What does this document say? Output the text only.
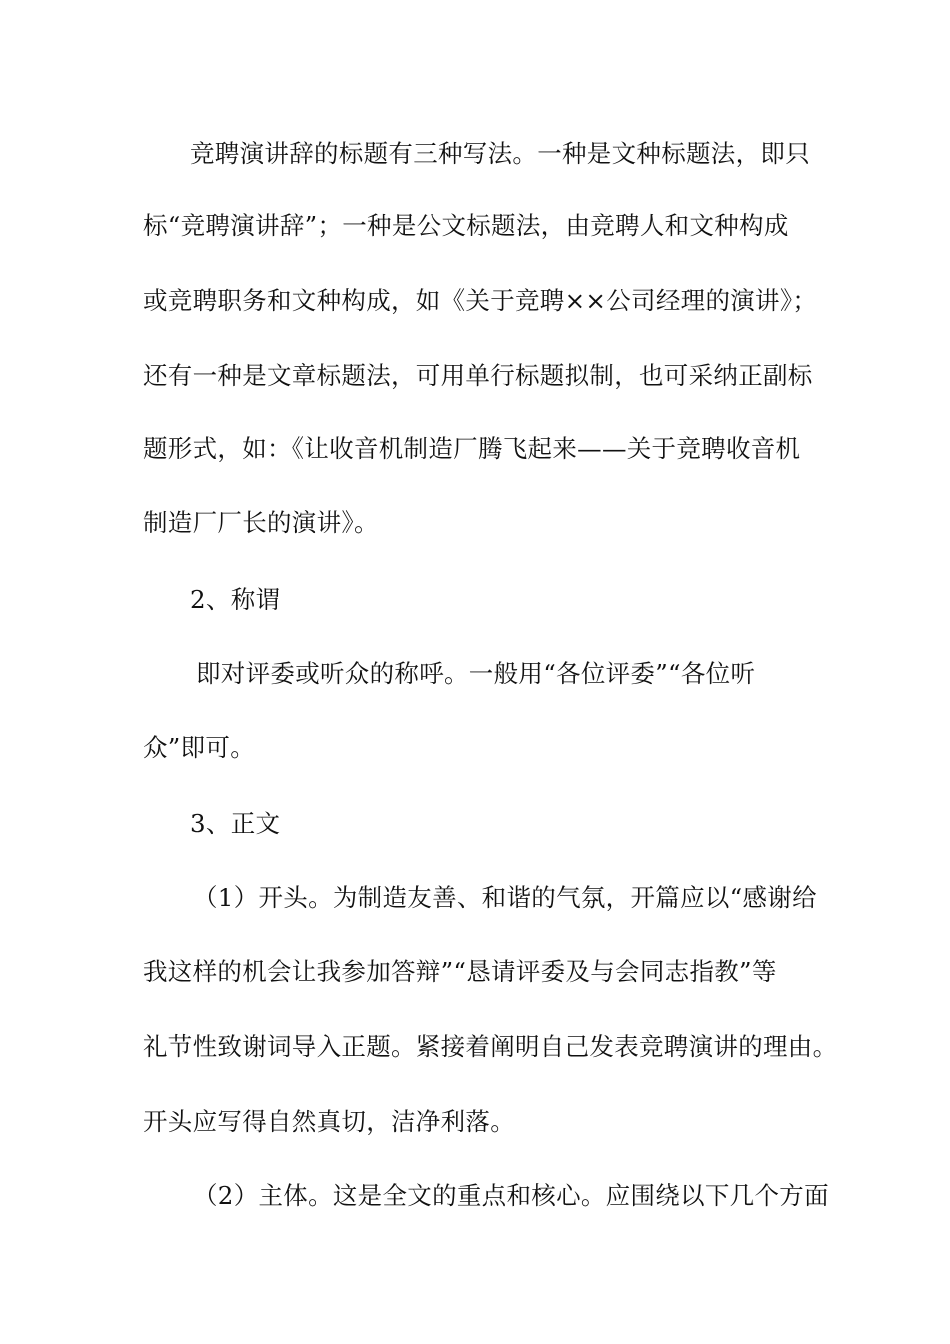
竞聘演讲辞的标题有三种写法。一种是文种标题法，即只
标“竞聘演讲辞”；一种是公文标题法，由竞聘人和文种构成
或竞聘职务和文种构成，如《关于竞聘××公司经理的演讲》；
还有一种是文章标题法，可用单行标题拟制，也可采纳正副标
题形式，如：《让收音机制造厂腾飞起来——关于竞聘收音机
制造厂厂长的演讲》。
2、称谓
即对评委或听众的称呼。一般用“各位评委”“各位听
众”即可。
3、正文
（1）开头。为制造友善、和谐的气氛，开篇应以“感谢给
我这样的机会让我参加答辩”“恳请评委及与会同志指教”等
礼节性致谢词导入正题。紧接着阐明自己发表竞聘演讲的理由。
开头应写得自然真切，洁净利落。
（2）主体。这是全文的重点和核心。应围绕以下几个方面
